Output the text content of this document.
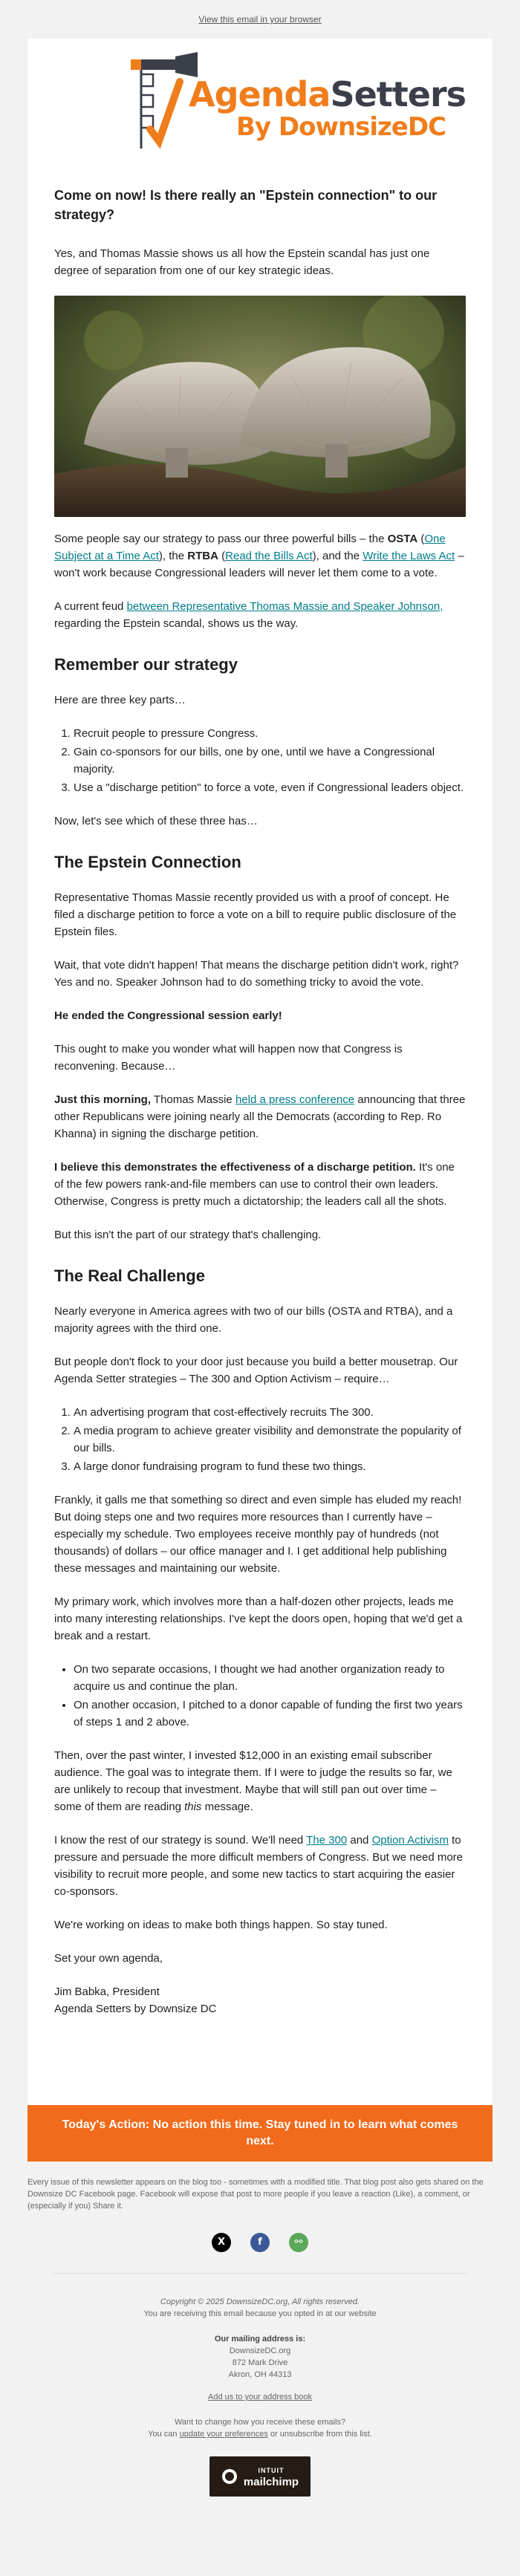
View this email in your browser
AgendaSetters
By DownsizeDC
Come on now! Is there really an "Epstein connection" to our strategy?

Yes, and Thomas Massie shows us all how the Epstein scandal has just one degree of separation from one of our key strategic ideas.

Some people say our strategy to pass our three powerful bills – the OSTA (One Subject at a Time Act), the RTBA (Read the Bills Act), and the Write the Laws Act – won't work because Congressional leaders will never let them come to a vote.

A current feud between Representative Thomas Massie and Speaker Johnson, regarding the Epstein scandal, shows us the way.

Remember our strategy

Here are three key parts…

1. Recruit people to pressure Congress.
2. Gain co-sponsors for our bills, one by one, until we have a Congressional majority.
3. Use a "discharge petition" to force a vote, even if Congressional leaders object.

Now, let's see which of these three has…

The Epstein Connection

Representative Thomas Massie recently provided us with a proof of concept. He filed a discharge petition to force a vote on a bill to require public disclosure of the Epstein files.

Wait, that vote didn't happen! That means the discharge petition didn't work, right? Yes and no. Speaker Johnson had to do something tricky to avoid the vote.

He ended the Congressional session early!

This ought to make you wonder what will happen now that Congress is reconvening. Because…

Just this morning, Thomas Massie held a press conference announcing that three other Republicans were joining nearly all the Democrats (according to Rep. Ro Khanna) in signing the discharge petition.

I believe this demonstrates the effectiveness of a discharge petition. It's one of the few powers rank-and-file members can use to control their own leaders. Otherwise, Congress is pretty much a dictatorship; the leaders call all the shots.

But this isn't the part of our strategy that's challenging.

The Real Challenge

Nearly everyone in America agrees with two of our bills (OSTA and RTBA), and a majority agrees with the third one.

But people don't flock to your door just because you build a better mousetrap. Our Agenda Setter strategies – The 300 and Option Activism – require…

1. An advertising program that cost-effectively recruits The 300.
2. A media program to achieve greater visibility and demonstrate the popularity of our bills.
3. A large donor fundraising program to fund these two things.

Frankly, it galls me that something so direct and even simple has eluded my reach! But doing steps one and two requires more resources than I currently have – especially my schedule. Two employees receive monthly pay of hundreds (not thousands) of dollars – our office manager and I. I get additional help publishing these messages and maintaining our website.

My primary work, which involves more than a half-dozen other projects, leads me into many interesting relationships. I've kept the doors open, hoping that we'd get a break and a restart.

• On two separate occasions, I thought we had another organization ready to acquire us and continue the plan.
• On another occasion, I pitched to a donor capable of funding the first two years of steps 1 and 2 above.

Then, over the past winter, I invested $12,000 in an existing email subscriber audience. The goal was to integrate them. If I were to judge the results so far, we are unlikely to recoup that investment. Maybe that will still pan out over time – some of them are reading this message.

I know the rest of our strategy is sound. We'll need The 300 and Option Activism to pressure and persuade the more difficult members of Congress. But we need more visibility to recruit more people, and some new tactics to start acquiring the easier co-sponsors.

We're working on ideas to make both things happen. So stay tuned.

Set your own agenda,

Jim Babka, President
Agenda Setters by Downsize DC

Today's Action: No action this time. Stay tuned in to learn what comes next.

Every issue of this newsletter appears on the blog too - sometimes with a modified title. That blog post also gets shared on the Downsize DC Facebook page. Facebook will expose that post to more people if you leave a reaction (Like), a comment, or (especially if you) Share it.

X	f	⚯
Copyright © 2025 DownsizeDC.org, All rights reserved.
You are receiving this email because you opted in at our website
Our mailing address is:
DownsizeDC.org
872 Mark Drive
Akron, OH 44313
Add us to your address book
Want to change how you receive these emails?
You can update your preferences or unsubscribe from this list.
INTUIT
mailchimp
